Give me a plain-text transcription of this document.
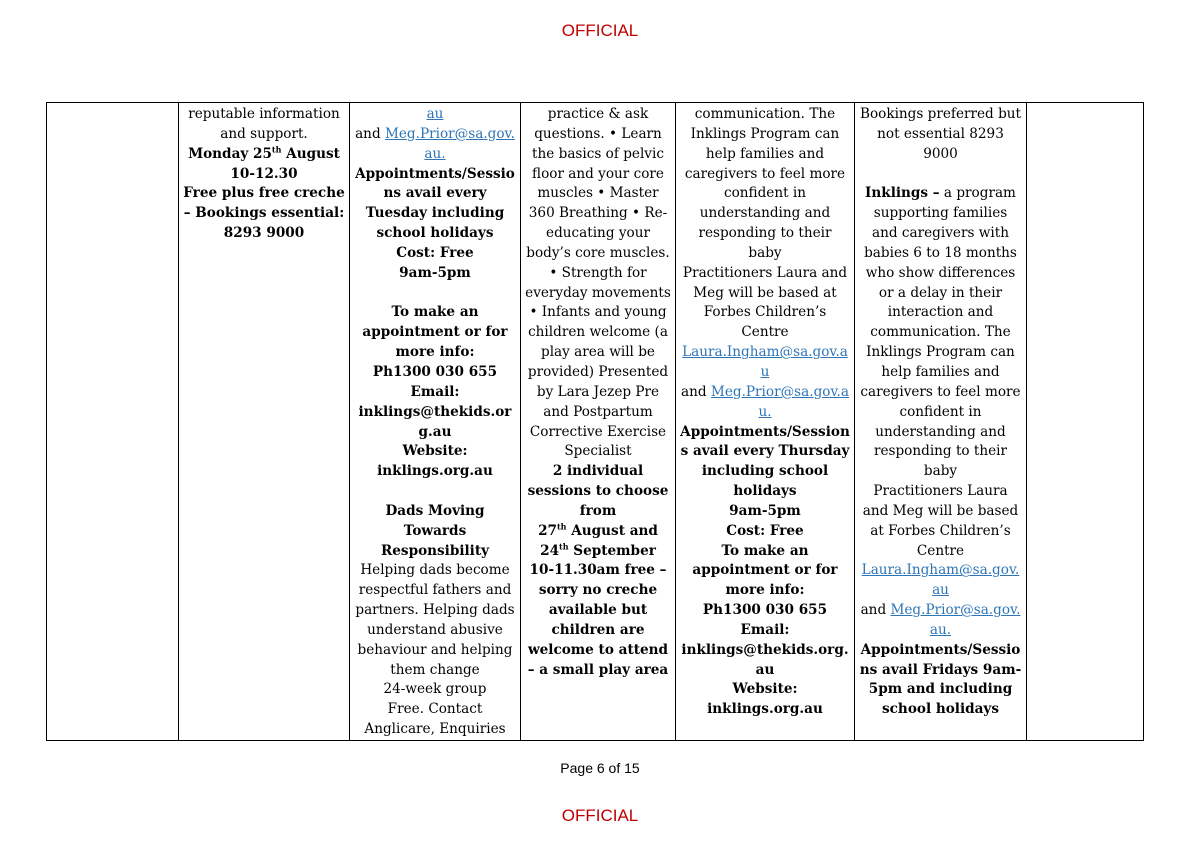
OFFICIAL

reputable information and support.
Monday 25th August
10-12.30
Free plus free creche – Bookings essential: 8293 9000

au
and Meg.Prior@sa.gov.au.
Appointments/Sessions avail every Tuesday including school holidays
Cost: Free
9am-5pm
To make an appointment or for more info:
Ph1300 030 655
Email:
inklings@thekids.org.au
Website:
inklings.org.au
Dads Moving Towards Responsibility
Helping dads become respectful fathers and partners. Helping dads understand abusive behaviour and helping them change
24-week group
Free. Contact Anglicare, Enquiries

practice & ask questions. • Learn the basics of pelvic floor and your core muscles • Master 360 Breathing • Re-educating your body’s core muscles. • Strength for everyday movements • Infants and young children welcome (a play area will be provided) Presented by Lara Jezep Pre and Postpartum Corrective Exercise Specialist
2 individual sessions to choose from
27th August and
24th September
10-11.30am free – sorry no creche available but children are welcome to attend – a small play area

communication. The Inklings Program can help families and caregivers to feel more confident in understanding and responding to their baby
Practitioners Laura and Meg will be based at Forbes Children’s Centre
Laura.Ingham@sa.gov.au
and Meg.Prior@sa.gov.au.
Appointments/Sessions avail every Thursday including school holidays
9am-5pm
Cost: Free
To make an appointment or for more info:
Ph1300 030 655
Email:
inklings@thekids.org.au
Website:
inklings.org.au

Bookings preferred but not essential 8293 9000
Inklings – a program supporting families and caregivers with babies 6 to 18 months who show differences or a delay in their interaction and communication. The Inklings Program can help families and caregivers to feel more confident in understanding and responding to their baby
Practitioners Laura and Meg will be based at Forbes Children’s Centre
Laura.Ingham@sa.gov.au
and Meg.Prior@sa.gov.au.
Appointments/Sessions avail Fridays 9am-5pm and including school holidays

Page 6 of 15
OFFICIAL
